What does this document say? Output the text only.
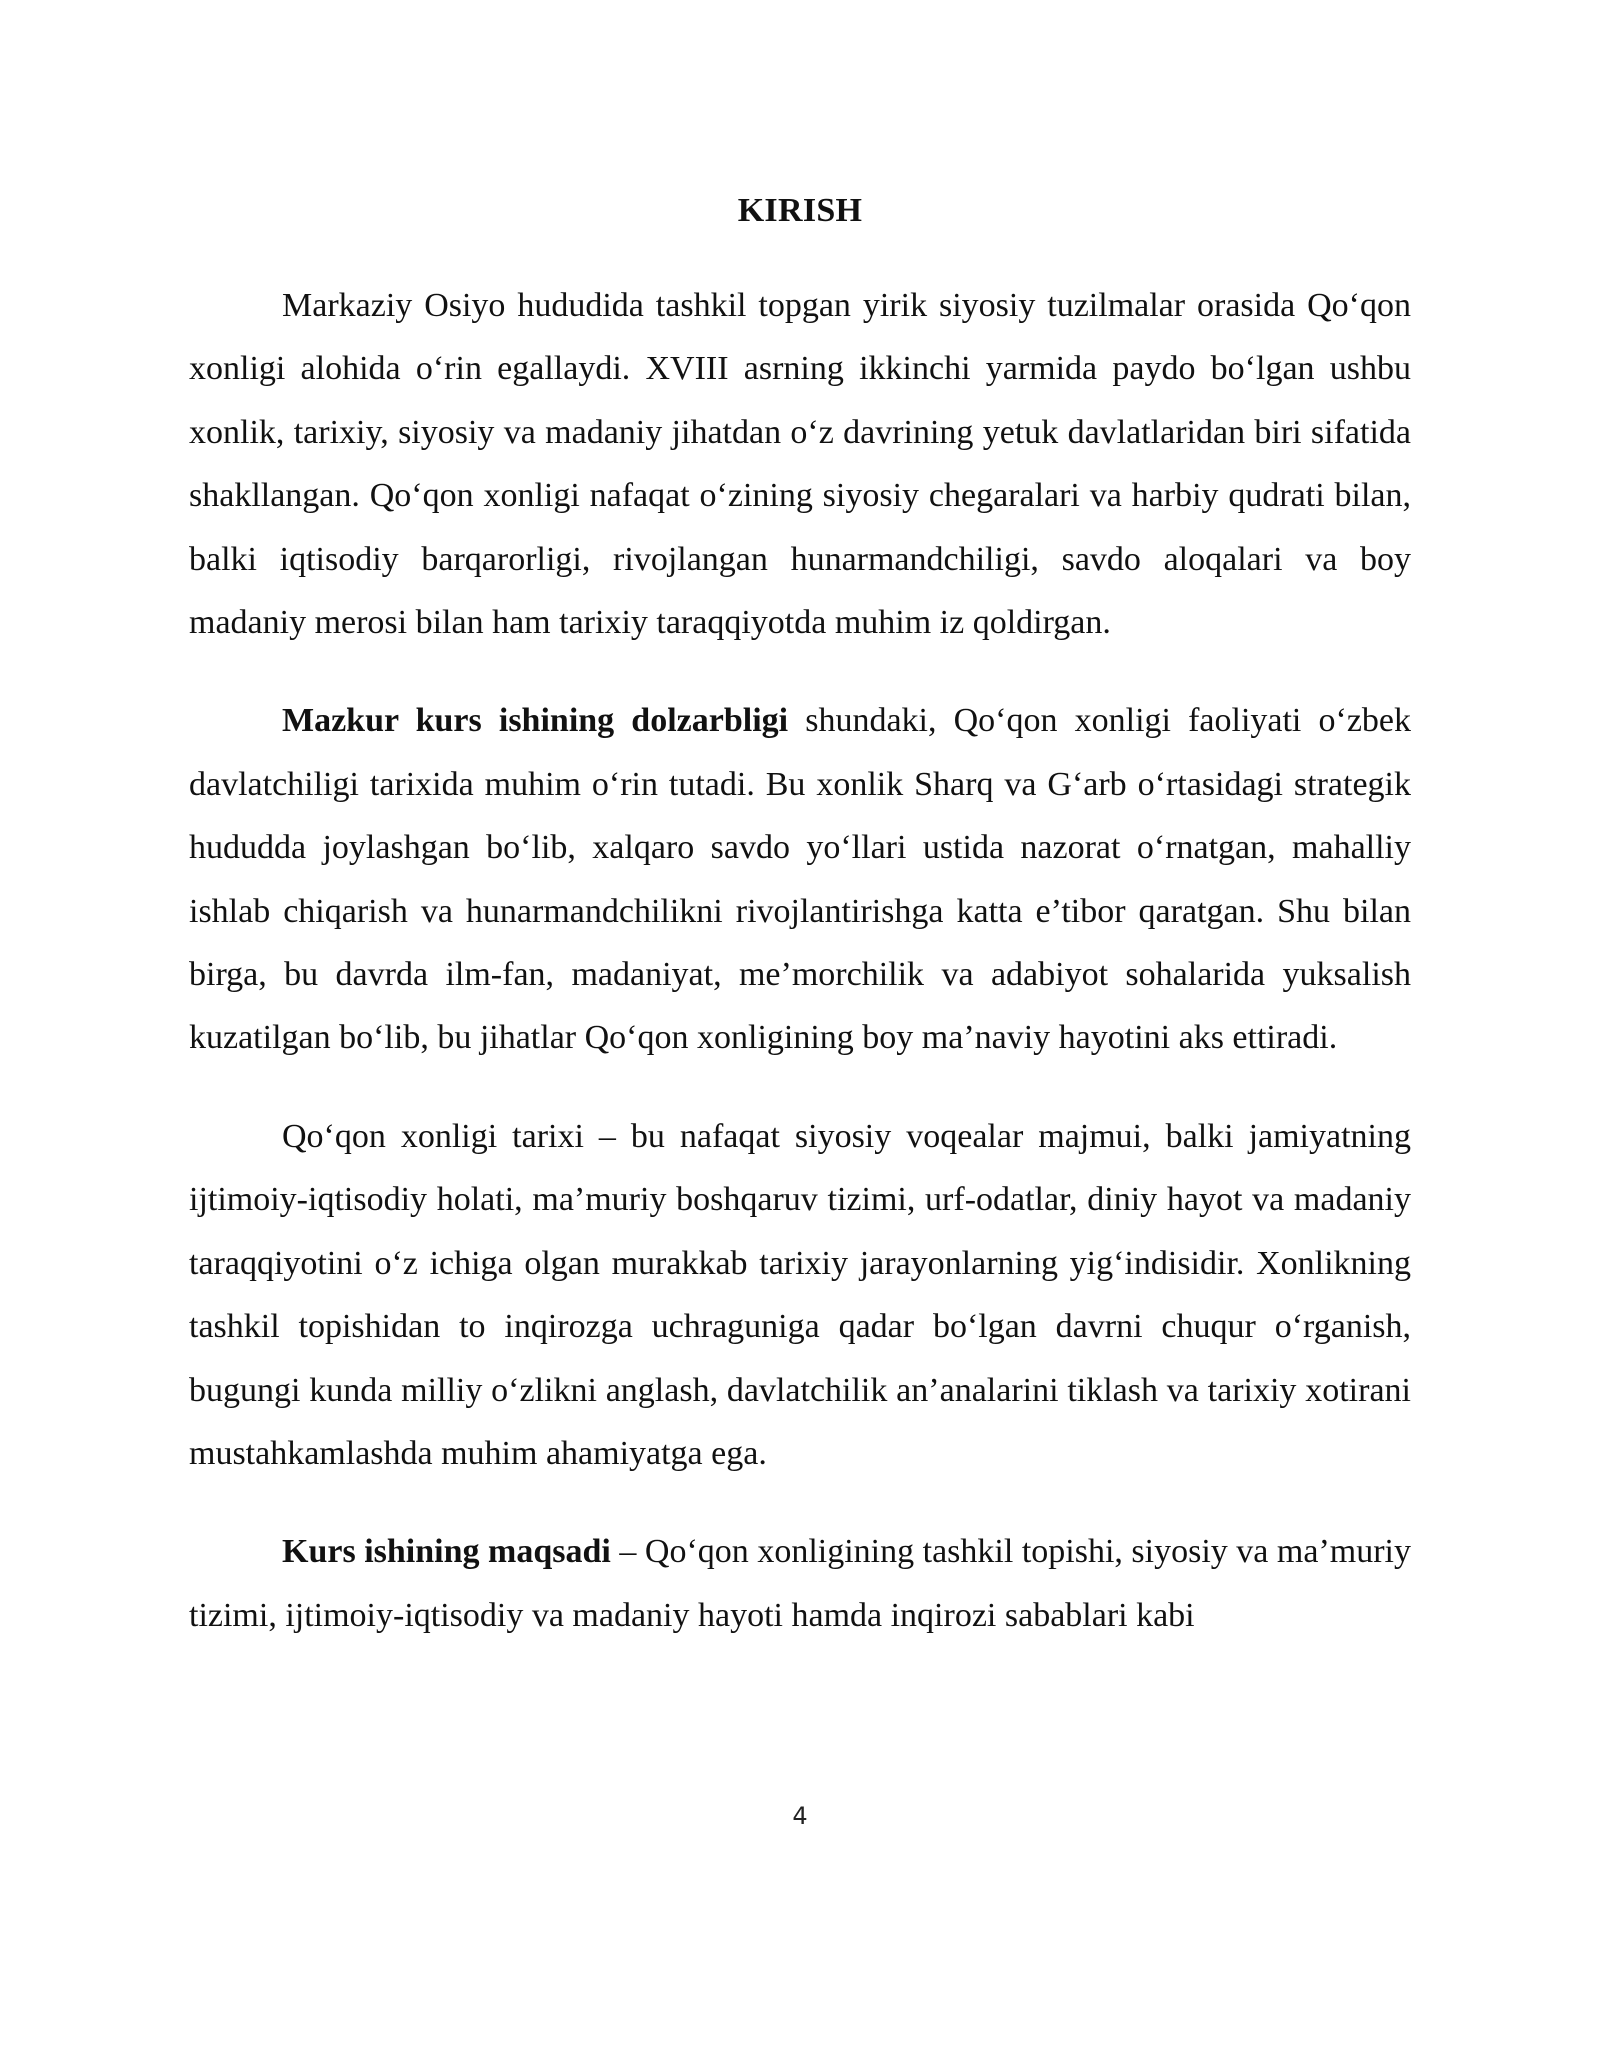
KIRISH

Markaziy Osiyo hududida tashkil topgan yirik siyosiy tuzilmalar orasida Qo‘qon xonligi alohida o‘rin egallaydi. XVIII asrning ikkinchi yarmida paydo bo‘lgan ushbu xonlik, tarixiy, siyosiy va madaniy jihatdan o‘z davrining yetuk davlatlaridan biri sifatida shakllangan. Qo‘qon xonligi nafaqat o‘zining siyosiy chegaralari va harbiy qudrati bilan, balki iqtisodiy barqarorligi, rivojlangan hunarmandchiligi, savdo aloqalari va boy madaniy merosi bilan ham tarixiy taraqqiyotda muhim iz qoldirgan.

Mazkur kurs ishining dolzarbligi shundaki, Qo‘qon xonligi faoliyati o‘zbek davlatchiligi tarixida muhim o‘rin tutadi. Bu xonlik Sharq va G‘arb o‘rtasidagi strategik hududda joylashgan bo‘lib, xalqaro savdo yo‘llari ustida nazorat o‘rnatgan, mahalliy ishlab chiqarish va hunarmandchilikni rivojlantirishga katta e’tibor qaratgan. Shu bilan birga, bu davrda ilm-fan, madaniyat, me’morchilik va adabiyot sohalarida yuksalish kuzatilgan bo‘lib, bu jihatlar Qo‘qon xonligining boy ma’naviy hayotini aks ettiradi.

Qo‘qon xonligi tarixi – bu nafaqat siyosiy voqealar majmui, balki jamiyatning ijtimoiy-iqtisodiy holati, ma’muriy boshqaruv tizimi, urf-odatlar, diniy hayot va madaniy taraqqiyotini o‘z ichiga olgan murakkab tarixiy jarayonlarning yig‘indisidir. Xonlikning tashkil topishidan to inqirozga uchraguniga qadar bo‘lgan davrni chuqur o‘rganish, bugungi kunda milliy o‘zlikni anglash, davlatchilik an’analarini tiklash va tarixiy xotirani mustahkamlashda muhim ahamiyatga ega.

Kurs ishining maqsadi – Qo‘qon xonligining tashkil topishi, siyosiy va ma’muriy tizimi, ijtimoiy-iqtisodiy va madaniy hayoti hamda inqirozi sabablari kabi

4
